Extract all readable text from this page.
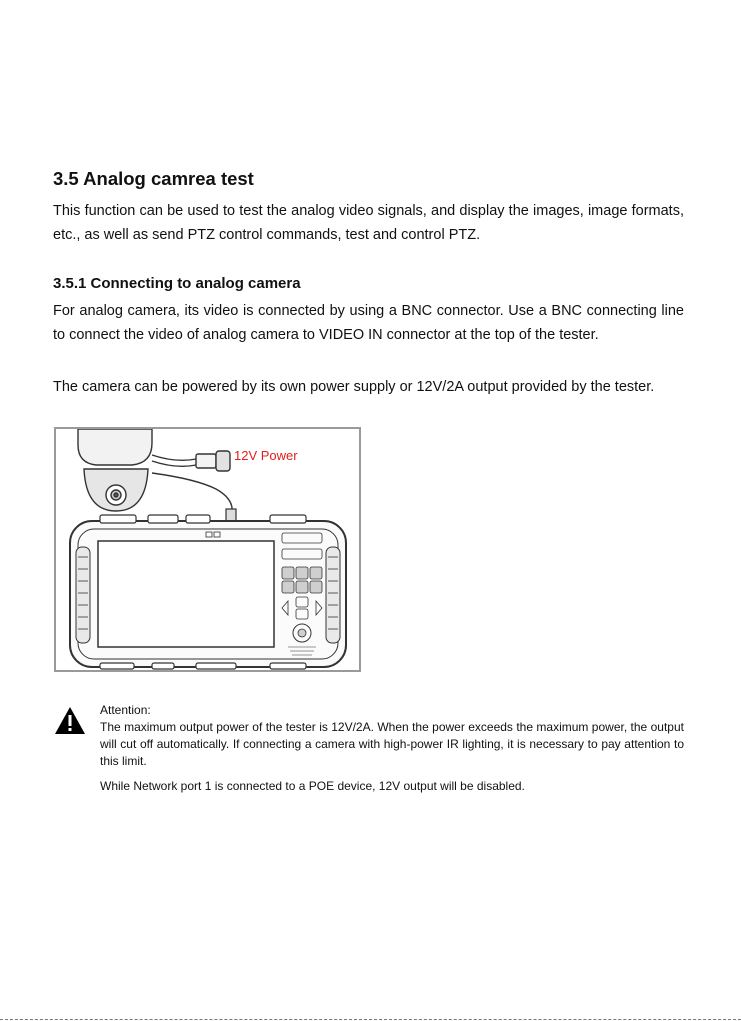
3.5 Analog camrea test

This function can be used to test the analog video signals, and display the images, image formats, etc., as well as send PTZ control commands, test and control PTZ.

3.5.1 Connecting to analog camera

For analog camera, its video is connected by using a BNC connector. Use a BNC connecting line to connect the video of analog camera to VIDEO IN connector at the top of the tester.

The camera can be powered by its own power supply or 12V/2A output provided by the tester.

12V Power

Attention:

The maximum output power of the tester is 12V/2A. When the power exceeds the maximum power, the output will cut off automatically. If connecting a camera with high-power IR lighting, it is necessary to pay attention to this limit.

While Network port 1 is connected to a POE device, 12V output will be disabled.
